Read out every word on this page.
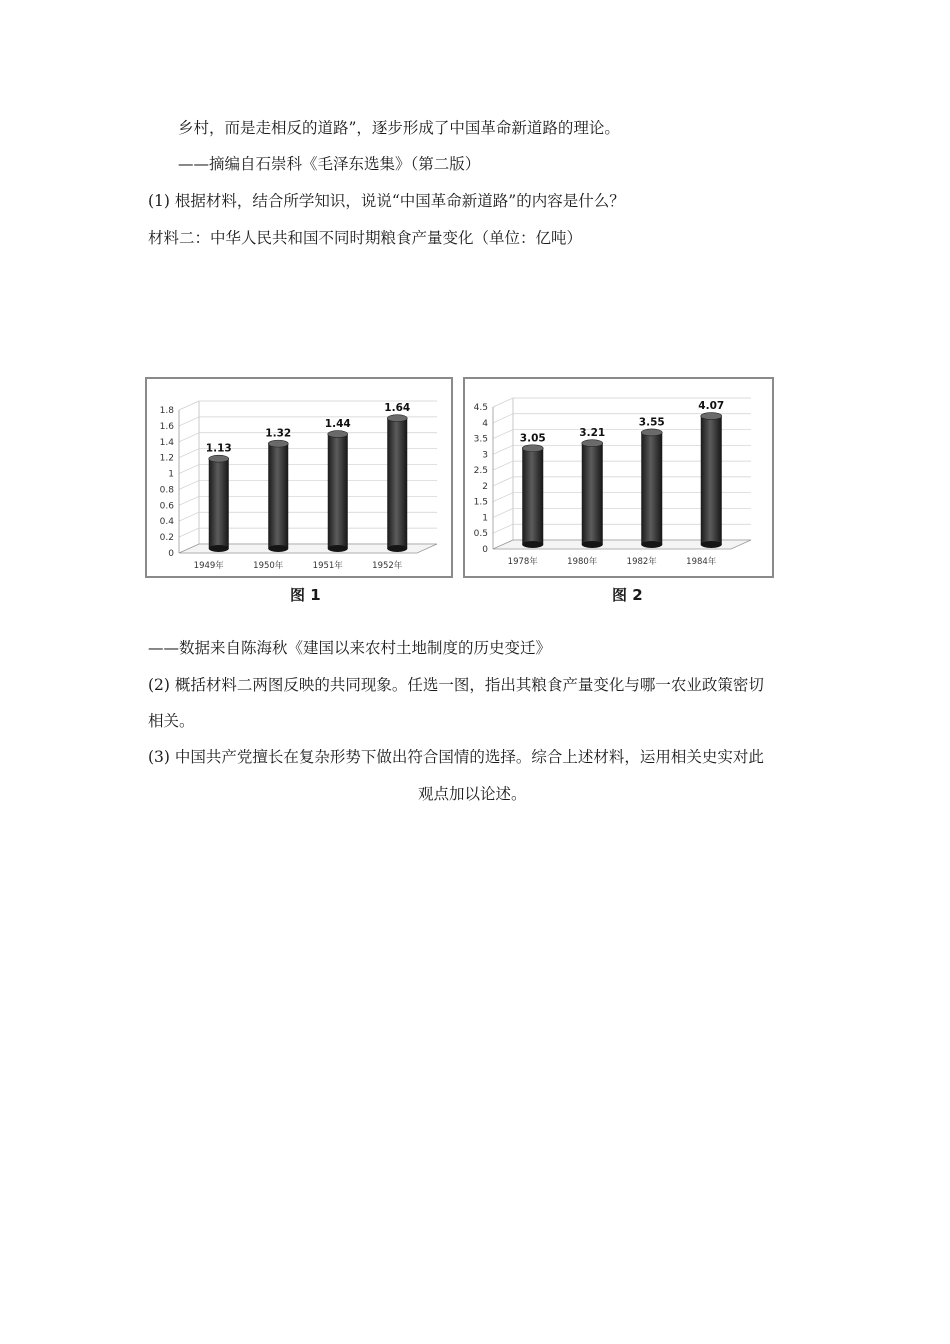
乡村，而是走相反的道路”，逐步形成了中国革命新道路的理论。
——摘编自石崇科《毛泽东选集》（第二版）
(1) 根据材料，结合所学知识，说说“中国革命新道路”的内容是什么？
材料二：中华人民共和国不同时期粮食产量变化（单位：亿吨）
0
0.2
0.4
0.6
0.8
1
1.2
1.4
1.6
1.8
1.13
1949年
1.32
1950年
1.44
1951年
1.64
1952年
图 1
0
0.5
1
1.5
2
2.5
3
3.5
4
4.5
3.05
1978年
3.21
1980年
3.55
1982年
4.07
1984年
图 2
——数据来自陈海秋《建国以来农村土地制度的历史变迁》
(2) 概括材料二两图反映的共同现象。任选一图，指出其粮食产量变化与哪一农业政策密切
相关。
(3) 中国共产党擅长在复杂形势下做出符合国情的选择。综合上述材料，运用相关史实对此
观点加以论述。
